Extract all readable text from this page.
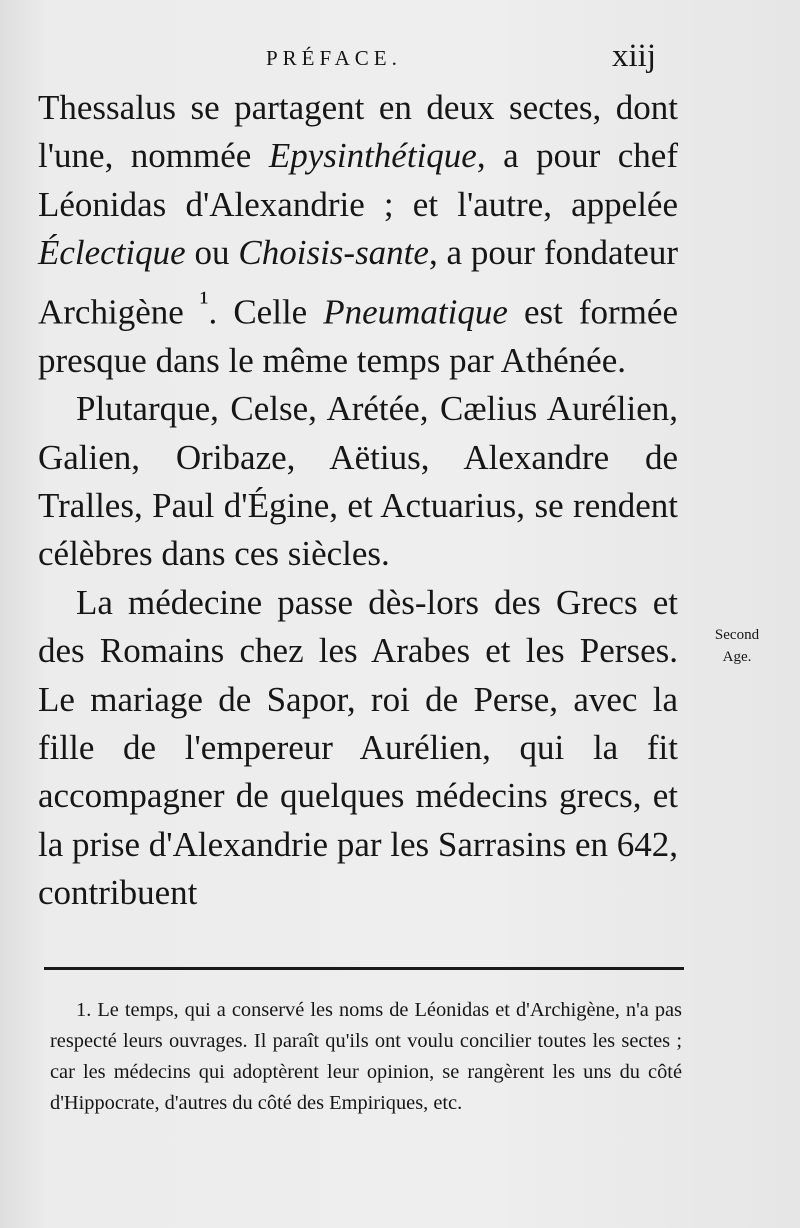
PRÉFACE.	xiij

Thessalus se partagent en deux sectes, dont l'une, nommée Epysinthétique, a pour chef Léonidas d'Alexandrie ; et l'autre, appelée Éclectique ou Choisis-sante, a pour fondateur Archigène $^{^1}$. Celle Pneumatique est formée presque dans le même temps par Athénée.

Plutarque, Celse, Arétée, Cælius Aurélien, Galien, Oribaze, Aëtius, Alexandre de Tralles, Paul d'Égine, et Actuarius, se rendent célèbres dans ces siècles.

La médecine passe dès-lors des Grecs et des Romains chez les Arabes et les Perses. Le mariage de Sapor, roi de Perse, avec la fille de l'empereur Aurélien, qui la fit accompagner de quelques médecins grecs, et la prise d'Alexandrie par les Sarrasins en 642, contribuent

Second
Age.
1. Le temps, qui a conservé les noms de Léonidas et d'Archigène, n'a pas respecté leurs ouvrages. Il paraît qu'ils ont voulu concilier toutes les sectes ; car les médecins qui adoptèrent leur opinion, se rangèrent les uns du côté d'Hippocrate, d'autres du côté des Empiriques, etc.
